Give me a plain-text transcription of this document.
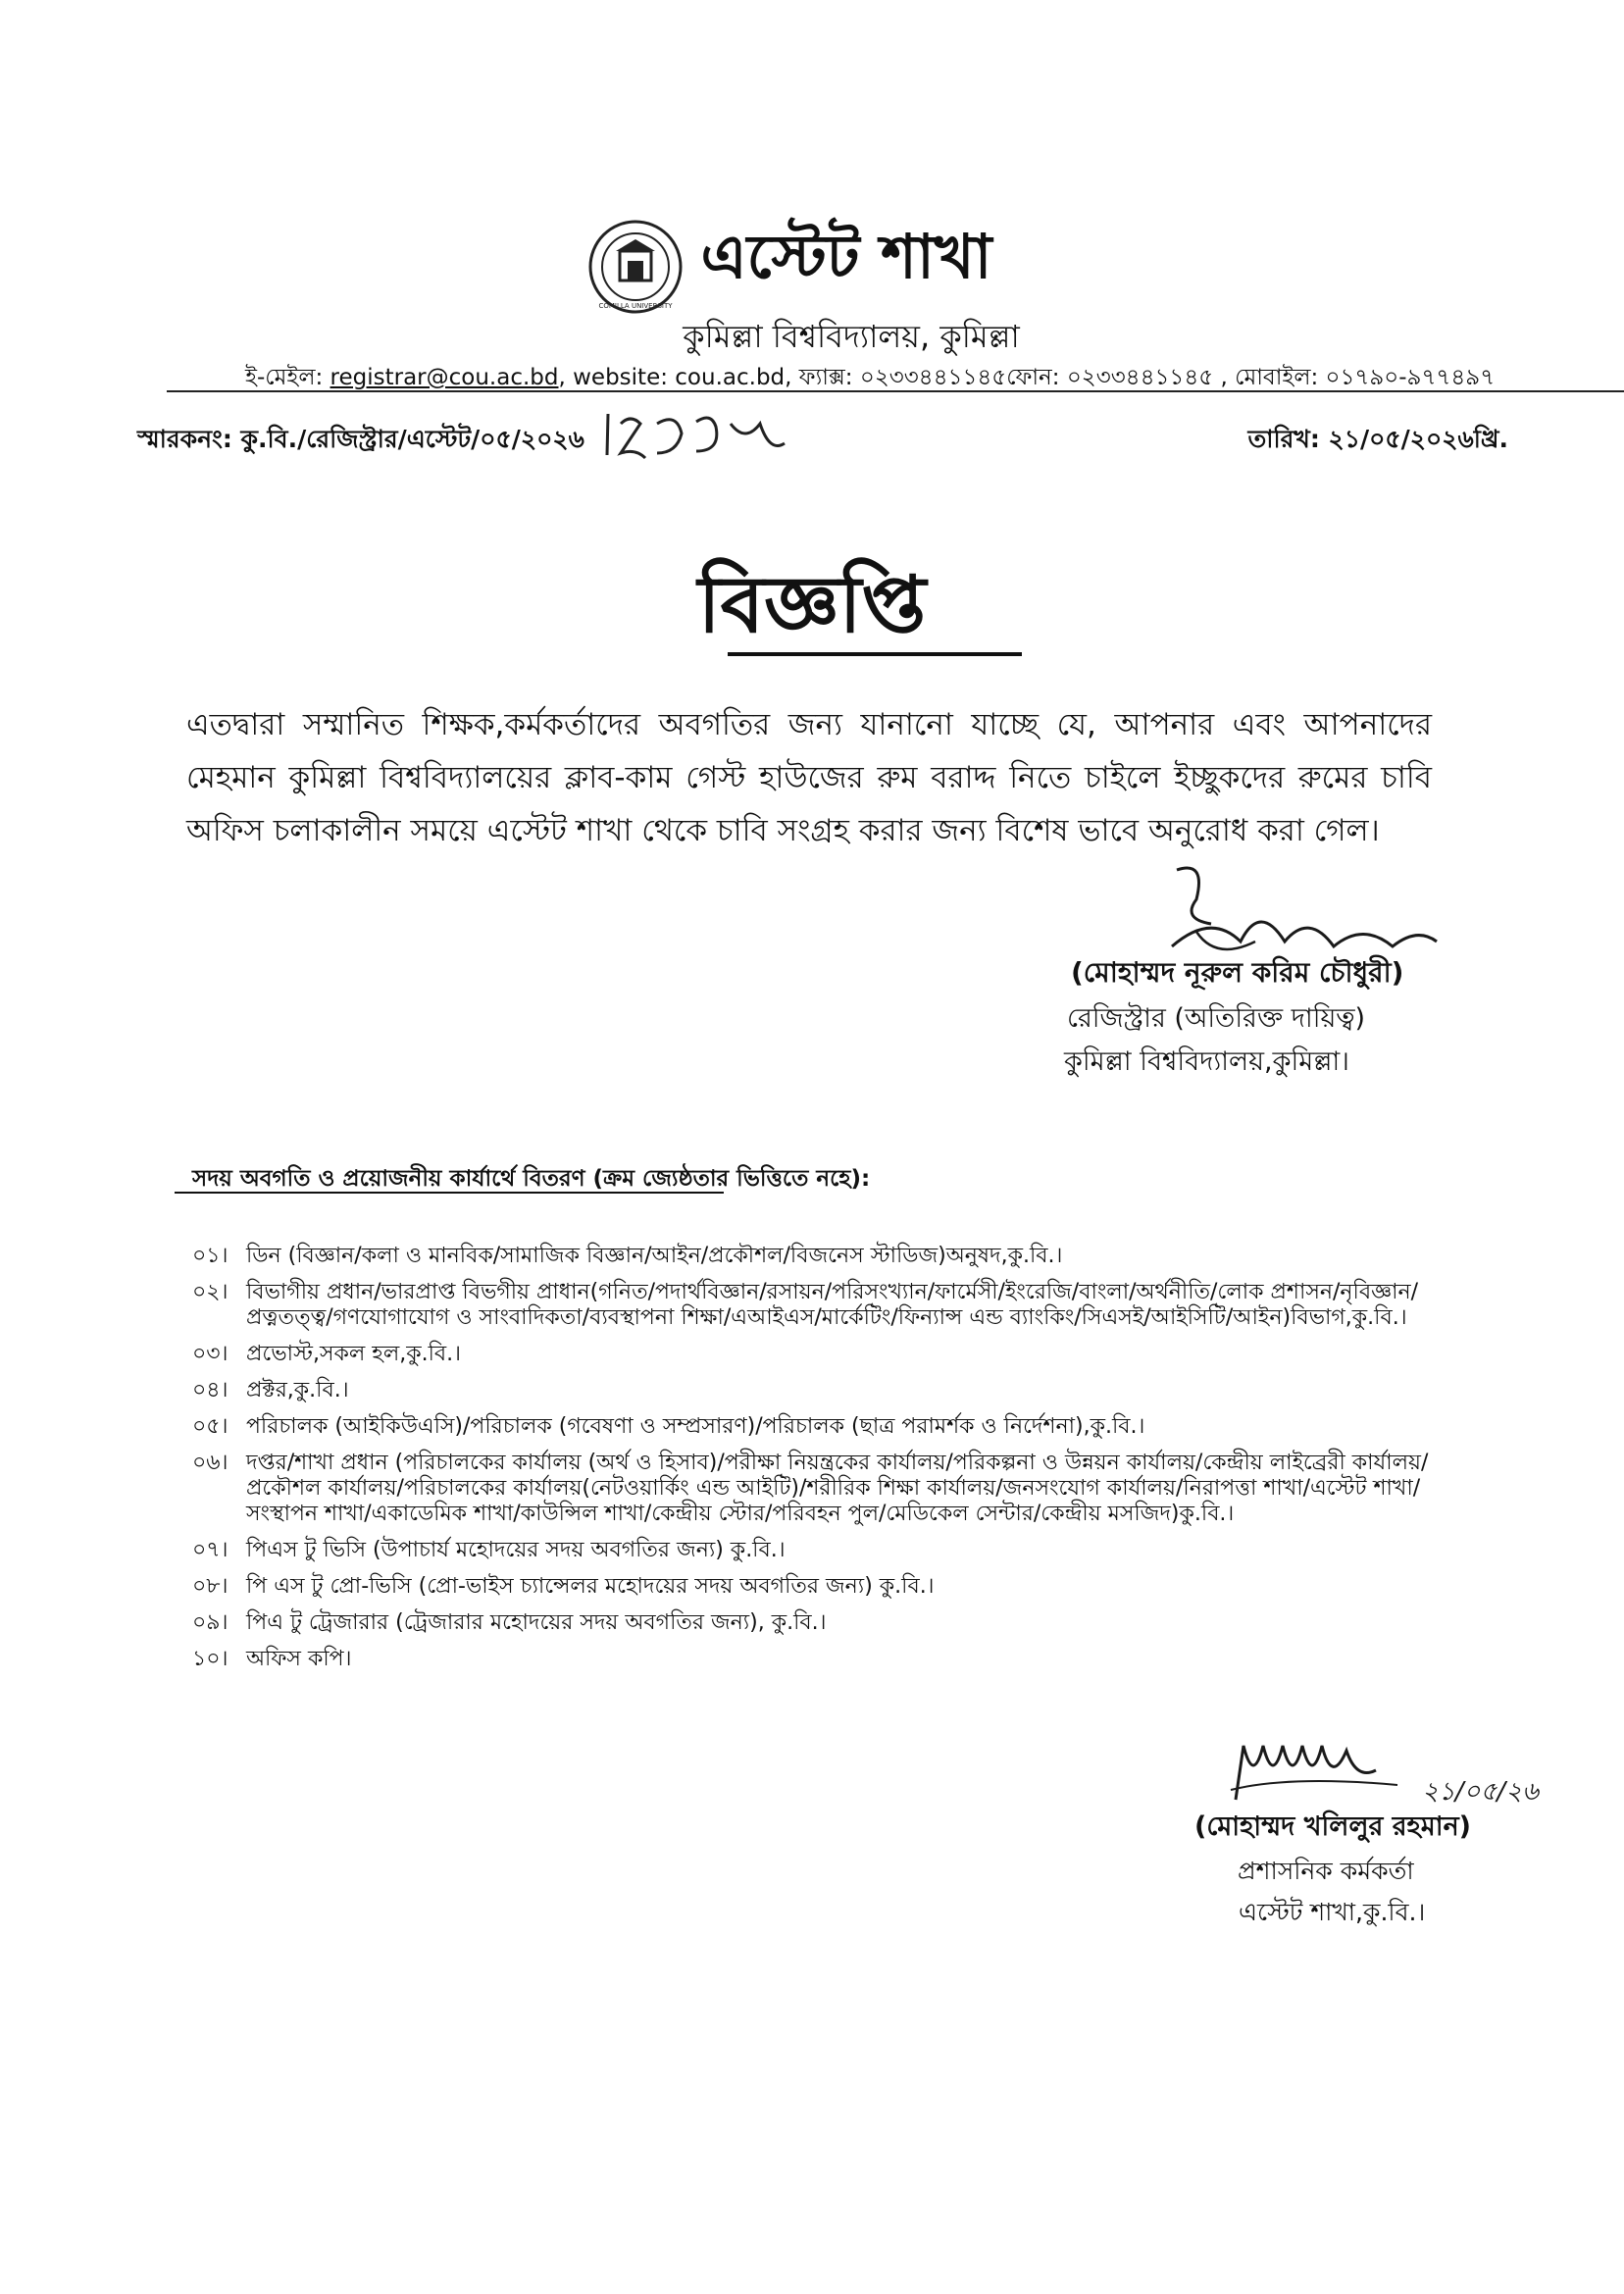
COMILLA UNIVERSITY
এস্টেট শাখা
কুমিল্লা বিশ্ববিদ্যালয়, কুমিল্লা
ই-মেইল: registrar@cou.ac.bd, website: cou.ac.bd, ফ্যাক্স: ০২৩৩৪৪১১৪৫ফোন: ০২৩৩৪৪১১৪৫ , মোবাইল: ০১৭৯০-৯৭৭৪৯৭
স্মারকনং: কু.বি./রেজিস্ট্রার/এস্টেট/০৫/২০২৬	তারিখ: ২১/০৫/২০২৬খ্রি.
বিজ্ঞপ্তি
এতদ্বারা সম্মানিত শিক্ষক,কর্মকর্তাদের অবগতির জন্য যানানো যাচ্ছে যে, আপনার এবং আপনাদের মেহমান কুমিল্লা বিশ্ববিদ্যালয়ের ক্লাব-কাম গেস্ট হাউজের রুম বরাদ্দ নিতে চাইলে ইচ্ছুকদের রুমের চাবি অফিস চলাকালীন সময়ে এস্টেট শাখা থেকে চাবি সংগ্রহ করার জন্য বিশেষ ভাবে অনুরোধ করা গেল।
(মোহাম্মদ নূরুল করিম চৌধুরী)
রেজিস্ট্রার (অতিরিক্ত দায়িত্ব)
কুমিল্লা বিশ্ববিদ্যালয়,কুমিল্লা।
সদয় অবগতি ও প্রয়োজনীয় কার্যার্থে বিতরণ (ক্রম জ্যেষ্ঠতার ভিত্তিতে নহে):
০১। ডিন (বিজ্ঞান/কলা ও মানবিক/সামাজিক বিজ্ঞান/আইন/প্রকৌশল/বিজনেস স্টাডিজ)অনুষদ,কু.বি.।
০২। বিভাগীয় প্রধান/ভারপ্রাপ্ত বিভগীয় প্রাধান(গনিত/পদার্থবিজ্ঞান/রসায়ন/পরিসংখ্যান/ফার্মেসী/ইংরেজি/বাংলা/অর্থনীতি/লোক প্রশাসন/নৃবিজ্ঞান/প্রত্নতত্ত্ব/গণযোগাযোগ ও সাংবাদিকতা/ব্যবস্থাপনা শিক্ষা/এআইএস/মার্কেটিং/ফিন্যান্স এন্ড ব্যাংকিং/সিএসই/আইসিটি/আইন)বিভাগ,কু.বি.।
০৩। প্রভোস্ট,সকল হল,কু.বি.।
০৪। প্রক্টর,কু.বি.।
০৫। পরিচালক (আইকিউএসি)/পরিচালক (গবেষণা ও সম্প্রসারণ)/পরিচালক (ছাত্র পরামর্শক ও নির্দেশনা),কু.বি.।
০৬। দপ্তর/শাখা প্রধান (পরিচালকের কার্যালয় (অর্থ ও হিসাব)/পরীক্ষা নিয়ন্ত্রকের কার্যালয়/পরিকল্পনা ও উন্নয়ন কার্যালয়/কেন্দ্রীয় লাইব্রেরী কার্যালয়/প্রকৌশল কার্যালয়/পরিচালকের কার্যালয়(নেটওয়ার্কিং এন্ড আইটি)/শরীরিক শিক্ষা কার্যালয়/জনসংযোগ কার্যালয়/নিরাপত্তা শাখা/এস্টেট শাখা/সংস্থাপন শাখা/একাডেমিক শাখা/কাউন্সিল শাখা/কেন্দ্রীয় স্টোর/পরিবহন পুল/মেডিকেল সেন্টার/কেন্দ্রীয় মসজিদ)কু.বি.।
০৭। পিএস টু ভিসি (উপাচার্য মহোদয়ের সদয় অবগতির জন্য) কু.বি.।
০৮। পি এস টু প্রো-ভিসি (প্রো-ভাইস চ্যান্সেলর মহোদয়ের সদয় অবগতির জন্য) কু.বি.।
০৯। পিএ টু ট্রেজারার (ট্রেজারার মহোদয়ের সদয় অবগতির জন্য), কু.বি.।
১০। অফিস কপি।
২১/০৫/২৬
(মোহাম্মদ খলিলুর রহমান)
প্রশাসনিক কর্মকর্তা
এস্টেট শাখা,কু.বি.।
